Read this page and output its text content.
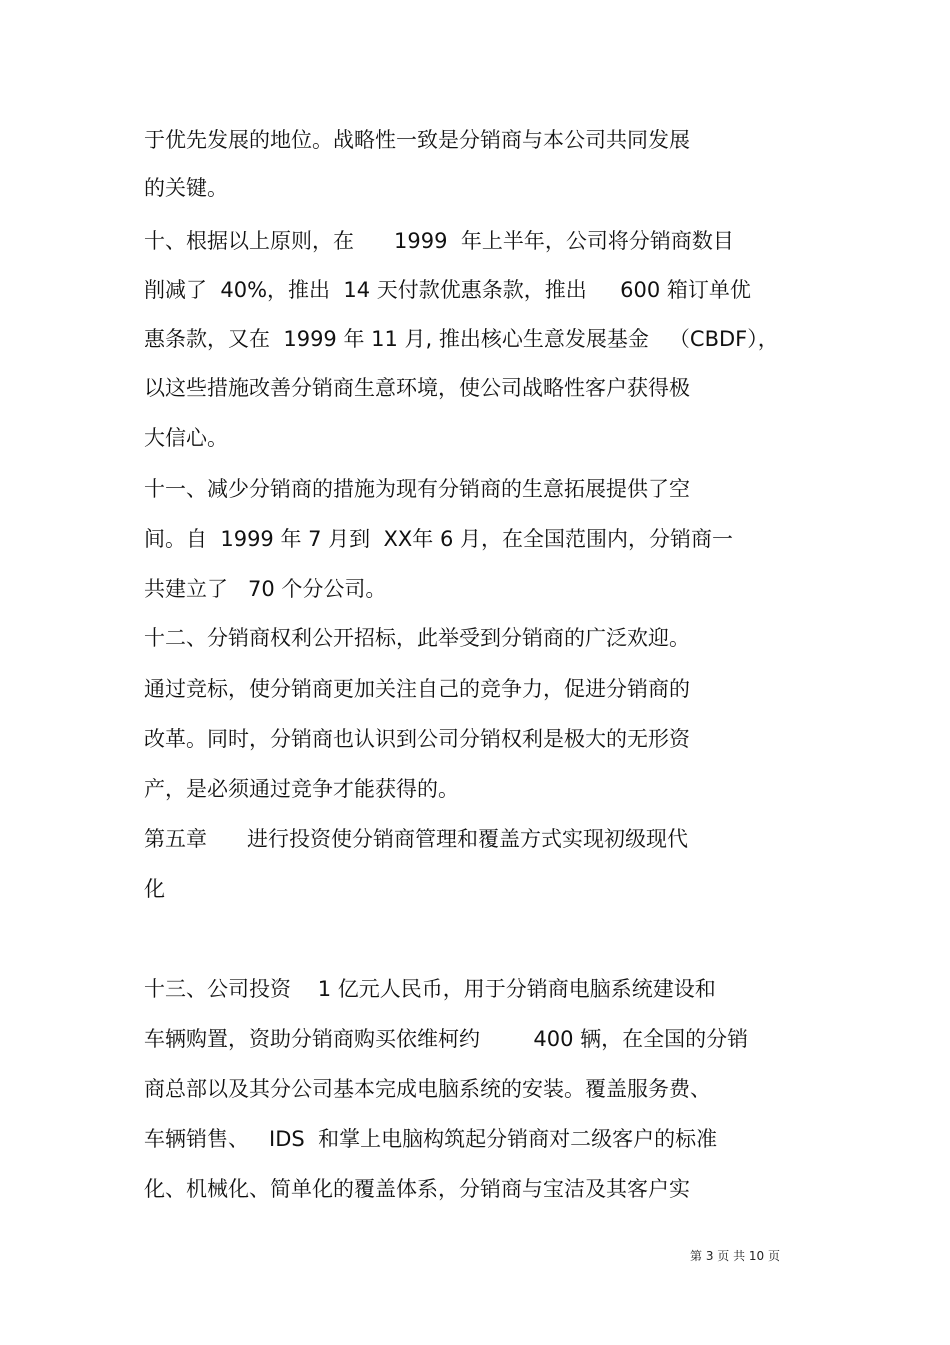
于优先发展的地位。战略性一致是分销商与本公司共同发展
的关键。
十、根据以上原则，在      1999  年上半年，公司将分销商数目
削减了  40%，推出  14 天付款优惠条款，推出     600 箱订单优
惠条款，又在  1999 年 11 月, 推出核心生意发展基金   （CBDF），
以这些措施改善分销商生意环境，使公司战略性客户获得极
大信心。
十一、减少分销商的措施为现有分销商的生意拓展提供了空
间。自  1999 年 7 月到  XX年 6 月，在全国范围内，分销商一
共建立了   70 个分公司。
十二、分销商权利公开招标，此举受到分销商的广泛欢迎。
通过竞标，使分销商更加关注自己的竞争力，促进分销商的
改革。同时，分销商也认识到公司分销权利是极大的无形资
产，是必须通过竞争才能获得的。
第五章      进行投资使分销商管理和覆盖方式实现初级现代
化
十三、公司投资    1 亿元人民币，用于分销商电脑系统建设和
车辆购置，资助分销商购买依维柯约        400 辆，在全国的分销
商总部以及其分公司基本完成电脑系统的安装。覆盖服务费、
车辆销售、   IDS  和掌上电脑构筑起分销商对二级客户的标准
化、机械化、简单化的覆盖体系，分销商与宝洁及其客户实
第 3 页 共 10 页
